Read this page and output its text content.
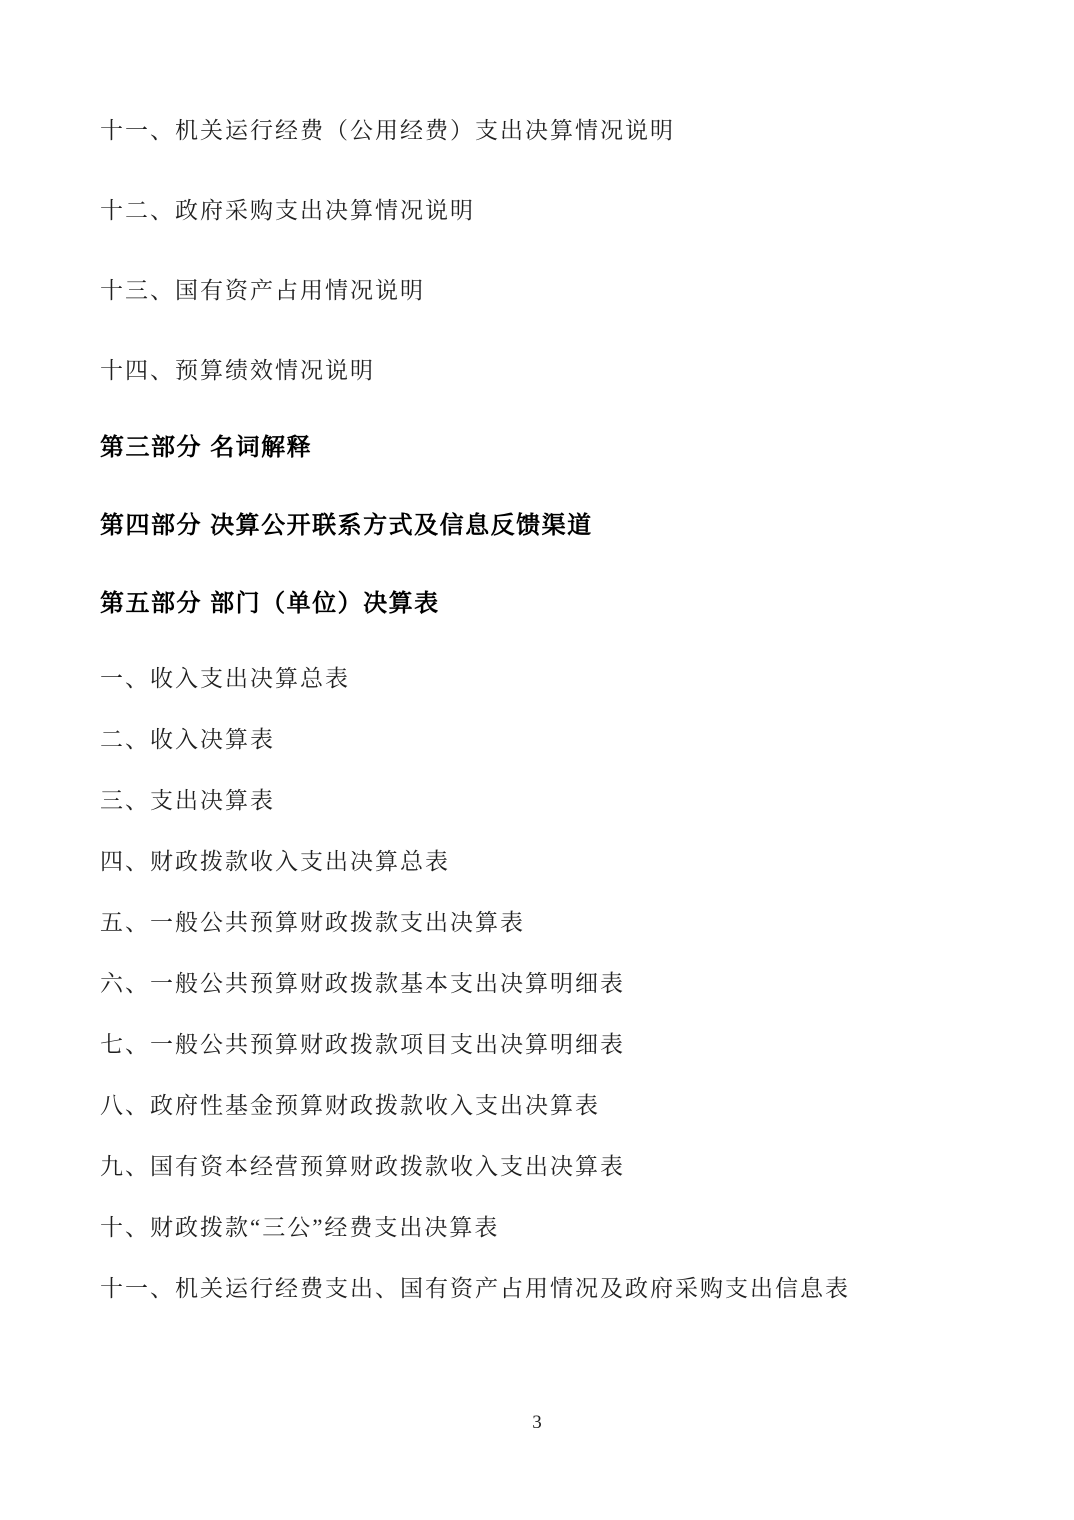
十一、机关运行经费（公用经费）支出决算情况说明
十二、政府采购支出决算情况说明
十三、国有资产占用情况说明
十四、预算绩效情况说明
第三部分 名词解释
第四部分 决算公开联系方式及信息反馈渠道
第五部分 部门（单位）决算表
一、收入支出决算总表
二、收入决算表
三、支出决算表
四、财政拨款收入支出决算总表
五、一般公共预算财政拨款支出决算表
六、一般公共预算财政拨款基本支出决算明细表
七、一般公共预算财政拨款项目支出决算明细表
八、政府性基金预算财政拨款收入支出决算表
九、国有资本经营预算财政拨款收入支出决算表
十、财政拨款“三公”经费支出决算表
十一、机关运行经费支出、国有资产占用情况及政府采购支出信息表
3
